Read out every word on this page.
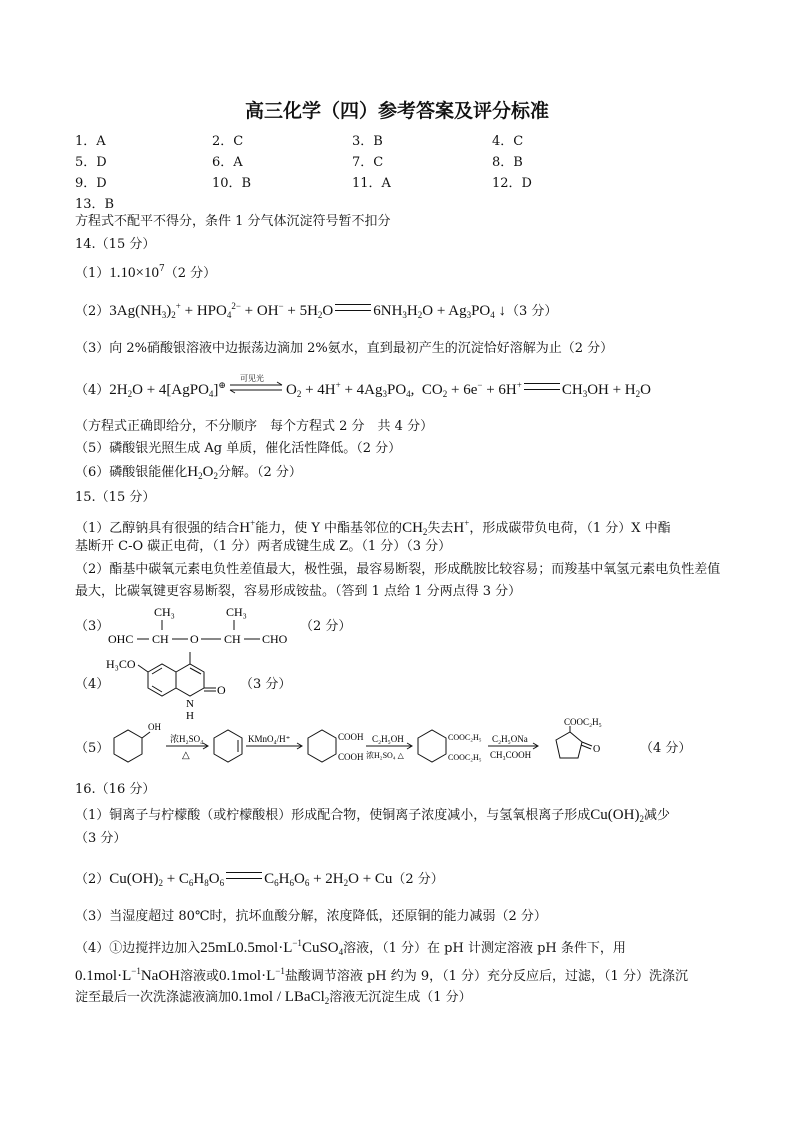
高三化学（四）参考答案及评分标准
1．A	2．C	3．B	4．C
5．D	6．A	7．C	8．B
9．D	10．B	11．A	12．D
13．B
方程式不配平不得分，条件 1 分气体沉淀符号暂不扣分
14.（15 分）
$(1)1.10\times 10^7(2$ 分）
$(2)3Ag(NH_3)_2^+ + HPO_4^{2-} + OH^- + 5H_2O$	$6NH_3H_2O + Ag_3PO_4$ ↓（3 分）
（3）向 2%硝酸银溶液中边振荡边滴加 2%氨水，直到最初产生的沉淀恰好溶解为止（2 分）
$(4)2H_2O$ + 4[AgPO$_4$]⊕
可见光
$O_2 + 4H^+ + 4Ag_3PO_4$,  $CO_2 + 6e^- + 6H^+$	$CH_3OH + H_2O$
（方程式正确即给分，不分顺序　每个方程式 2 分　共 4 分）
（5）磷酸银光照生成 Ag 单质，催化活性降低。（2 分）
（6）磷酸银能催化$H_2O_2$分解。（2 分）
15.（15 分）
（1）乙醇钠具有很强的结合H+能力，使 Y 中酯基邻位的$CH_2$失去H+，形成碳带负电荷，（1 分）X 中酯
基断开 C-O 碳正电荷，（1 分）两者成键生成 Z。（1 分）（3 分）
（2）酯基中碳氧元素电负性差值最大，极性强，最容易断裂，形成酰胺比较容易；而羧基中氧氢元素电负性差值最大，比碳氧键更容易断裂，容易形成铵盐。（答到 1 点给 1 分两点得 3 分）
（3）
CH₃	CH₃
OHC CH O CH CHO
（2 分）
（4）
H₃CO
O
N
H
（3 分）
（5）
OH
浓H₂SO₄
△
KMnO₄/H⁺	COOH
COOH
C₂H₅OH
浓H₂SO₄ △
COOC₂H₅
COOC₂H₅
C₂H₅ONa
CH₃COOH
COOC₂H₅
O	（4 分）
16.（16 分）
（1）铜离子与柠檬酸（或柠檬酸根）形成配合物，使铜离子浓度减小，与氢氧根离子形成$Cu(OH)_2$减少
（3 分）
$(2)Cu(OH)_2 + C_6H_8O_6$	$C_6H_6O_6 + 2H_2O + Cu(2$ 分）
（3）当湿度超过 80℃时，抗坏血酸分解，浓度降低，还原铜的能力减弱（2 分）
（4）①边搅拌边加入$25mL0.5mol\cdot L^{-1}CuSO_4$溶液，（1 分）在 pH 计测定溶液 pH 条件下，用
$0.1mol\cdot L^{-1}NaOH$溶液或$0.1mol\cdot L^{-1}$盐酸调节溶液 pH 约为 9，（1 分）充分反应后，过滤，（1 分）洗涤沉
淀至最后一次洗涤滤液滴加0.1mol / LBaCl$_2$溶液无沉淀生成（1 分）
